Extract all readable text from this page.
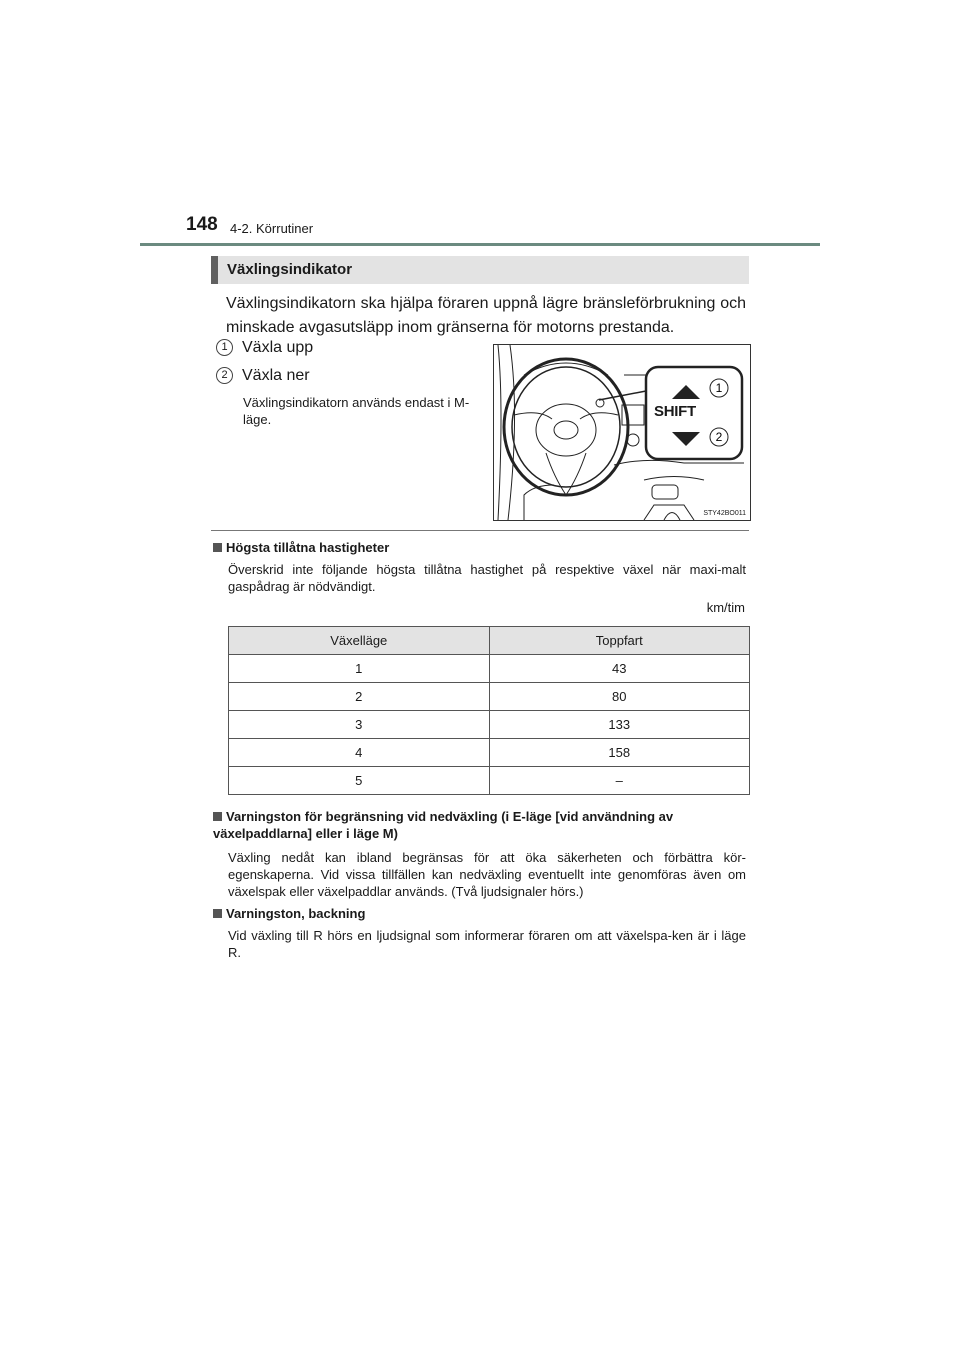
148 4-2. Körrutiner
Växlingsindikator
Växlingsindikatorn ska hjälpa föraren uppnå lägre bränsleförbrukning och minskade avgasutsläpp inom gränserna för motorns prestanda.
1 Växla upp
2 Växla ner
Växlingsindikatorn används endast i M-läge.
1
2
STY42BO011
SHIFT
Högsta tillåtna hastigheter
Överskrid inte följande högsta tillåtna hastighet på respektive växel när maxi-malt gaspådrag är nödvändigt.
km/tim
Växelläge	Toppfart
1	43
2	80
3	133
4	158
5	–
Varningston för begränsning vid nedväxling (i E-läge [vid användning av växelpaddlarna] eller i läge M)
Växling nedåt kan ibland begränsas för att öka säkerheten och förbättra kör-egenskaperna. Vid vissa tillfällen kan nedväxling eventuellt inte genomföras även om växelspak eller växelpaddlar används. (Två ljudsignaler hörs.)
Varningston, backning
Vid växling till R hörs en ljudsignal som informerar föraren om att växelspa-ken är i läge R.
